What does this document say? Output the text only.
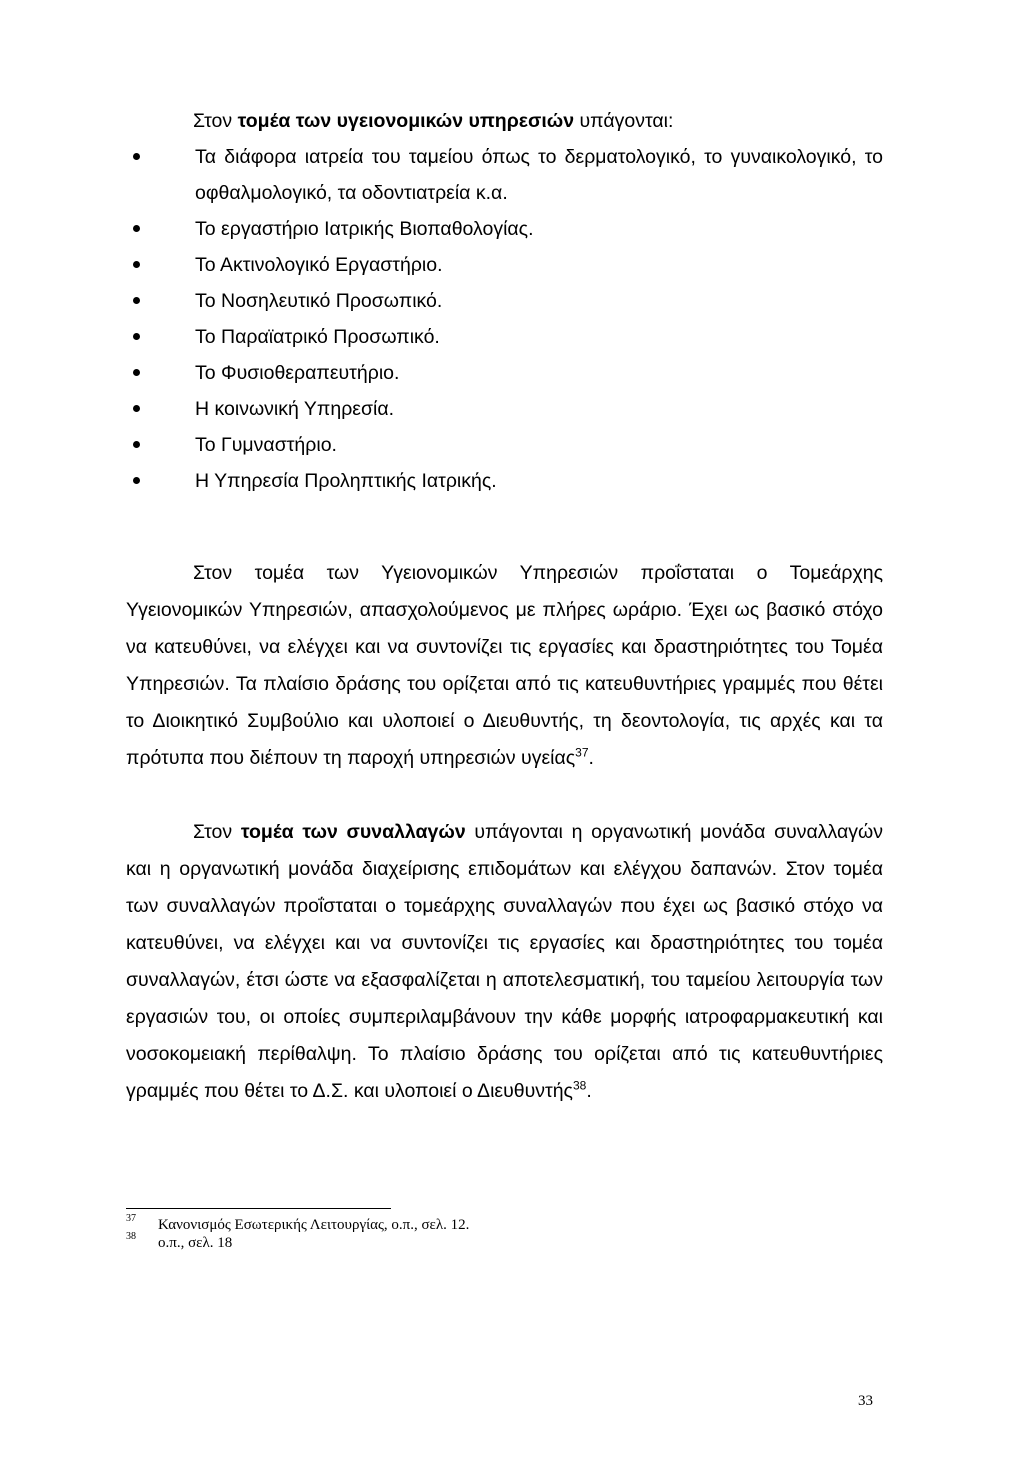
Στον τομέα των υγειονομικών υπηρεσιών υπάγονται:

Τα διάφορα ιατρεία του ταμείου όπως το δερματολογικό, το γυναικολογικό, το οφθαλμολογικό, τα οδοντιατρεία κ.α.
Το εργαστήριο Ιατρικής Βιοπαθολογίας.
Το Ακτινολογικό Εργαστήριο.
Το Νοσηλευτικό Προσωπικό.
Το Παραϊατρικό Προσωπικό.
Το Φυσιοθεραπευτήριο.
Η κοινωνική Υπηρεσία.
Το Γυμναστήριο.
Η Υπηρεσία Προληπτικής Ιατρικής.

Στον τομέα των Υγειονομικών Υπηρεσιών προΐσταται ο Τομεάρχης Υγειονομικών Υπηρεσιών, απασχολούμενος με πλήρες ωράριο. Έχει ως βασικό στόχο να κατευθύνει, να ελέγχει και να συντονίζει τις εργασίες και δραστηριότητες του Τομέα Υπηρεσιών. Τα πλαίσιο δράσης του ορίζεται από τις κατευθυντήριες γραμμές που θέτει το Διοικητικό Συμβούλιο και υλοποιεί ο Διευθυντής, τη δεοντολογία, τις αρχές και τα πρότυπα που διέπουν τη παροχή υπηρεσιών υγείας$^{37}$.

Στον τομέα των συναλλαγών υπάγονται η οργανωτική μονάδα συναλλαγών και η οργανωτική μονάδα διαχείρισης επιδομάτων και ελέγχου δαπανών. Στον τομέα των συναλλαγών προΐσταται ο τομεάρχης συναλλαγών που έχει ως βασικό στόχο να κατευθύνει, να ελέγχει και να συντονίζει τις εργασίες και δραστηριότητες του τομέα συναλλαγών, έτσι ώστε να εξασφαλίζεται η αποτελεσματική, του ταμείου λειτουργία των εργασιών του, οι οποίες συμπεριλαμβάνουν την κάθε μορφής ιατροφαρμακευτική και νοσοκομειακή περίθαλψη. Το πλαίσιο δράσης του ορίζεται από τις κατευθυντήριες γραμμές που θέτει το Δ.Σ. και υλοποιεί ο Διευθυντής$^{38}$.

37 Κανονισμός Εσωτερικής Λειτουργίας, ο.π., σελ. 12.
38 ο.π., σελ. 18
33
